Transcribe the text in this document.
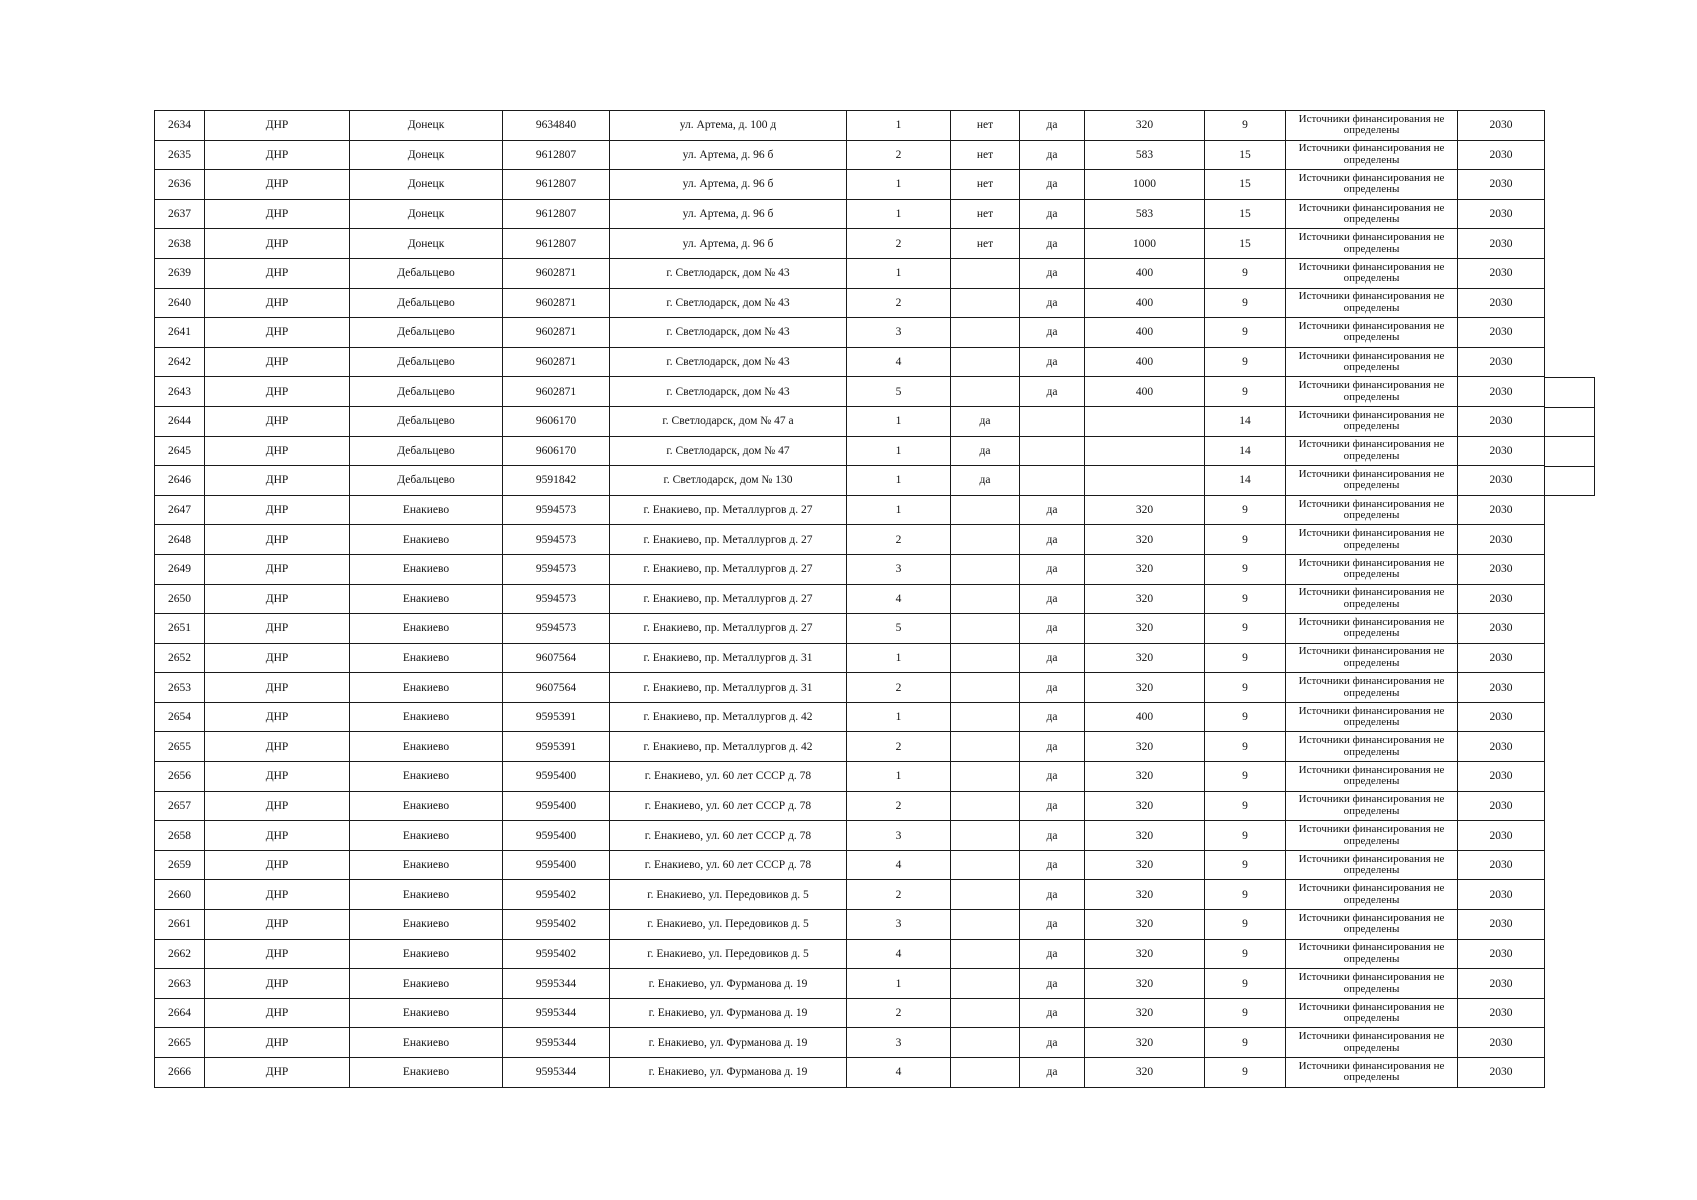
2634	ДНР	Донецк	9634840	ул. Артема, д. 100 д	1	нет	да	320	9	Источники финансирования не определены	2030
2635	ДНР	Донецк	9612807	ул. Артема, д. 96 б	2	нет	да	583	15	Источники финансирования не определены	2030
2636	ДНР	Донецк	9612807	ул. Артема, д. 96 б	1	нет	да	1000	15	Источники финансирования не определены	2030
2637	ДНР	Донецк	9612807	ул. Артема, д. 96 б	1	нет	да	583	15	Источники финансирования не определены	2030
2638	ДНР	Донецк	9612807	ул. Артема, д. 96 б	2	нет	да	1000	15	Источники финансирования не определены	2030
2639	ДНР	Дебальцево	9602871	г. Светлодарск, дом № 43	1		да	400	9	Источники финансирования не определены	2030
2640	ДНР	Дебальцево	9602871	г. Светлодарск, дом № 43	2		да	400	9	Источники финансирования не определены	2030
2641	ДНР	Дебальцево	9602871	г. Светлодарск, дом № 43	3		да	400	9	Источники финансирования не определены	2030
2642	ДНР	Дебальцево	9602871	г. Светлодарск, дом № 43	4		да	400	9	Источники финансирования не определены	2030
2643	ДНР	Дебальцево	9602871	г. Светлодарск, дом № 43	5		да	400	9	Источники финансирования не определены	2030
2644	ДНР	Дебальцево	9606170	г. Светлодарск, дом № 47 а	1	да			14	Источники финансирования не определены	2030
2645	ДНР	Дебальцево	9606170	г. Светлодарск, дом № 47	1	да			14	Источники финансирования не определены	2030
2646	ДНР	Дебальцево	9591842	г. Светлодарск, дом № 130	1	да			14	Источники финансирования не определены	2030
2647	ДНР	Енакиево	9594573	г. Енакиево, пр. Металлургов д. 27	1		да	320	9	Источники финансирования не определены	2030
2648	ДНР	Енакиево	9594573	г. Енакиево, пр. Металлургов д. 27	2		да	320	9	Источники финансирования не определены	2030
2649	ДНР	Енакиево	9594573	г. Енакиево, пр. Металлургов д. 27	3		да	320	9	Источники финансирования не определены	2030
2650	ДНР	Енакиево	9594573	г. Енакиево, пр. Металлургов д. 27	4		да	320	9	Источники финансирования не определены	2030
2651	ДНР	Енакиево	9594573	г. Енакиево, пр. Металлургов д. 27	5		да	320	9	Источники финансирования не определены	2030
2652	ДНР	Енакиево	9607564	г. Енакиево, пр. Металлургов д. 31	1		да	320	9	Источники финансирования не определены	2030
2653	ДНР	Енакиево	9607564	г. Енакиево, пр. Металлургов д. 31	2		да	320	9	Источники финансирования не определены	2030
2654	ДНР	Енакиево	9595391	г. Енакиево, пр. Металлургов д. 42	1		да	400	9	Источники финансирования не определены	2030
2655	ДНР	Енакиево	9595391	г. Енакиево, пр. Металлургов д. 42	2		да	320	9	Источники финансирования не определены	2030
2656	ДНР	Енакиево	9595400	г. Енакиево, ул. 60 лет СССР д. 78	1		да	320	9	Источники финансирования не определены	2030
2657	ДНР	Енакиево	9595400	г. Енакиево, ул. 60 лет СССР д. 78	2		да	320	9	Источники финансирования не определены	2030
2658	ДНР	Енакиево	9595400	г. Енакиево, ул. 60 лет СССР д. 78	3		да	320	9	Источники финансирования не определены	2030
2659	ДНР	Енакиево	9595400	г. Енакиево, ул. 60 лет СССР д. 78	4		да	320	9	Источники финансирования не определены	2030
2660	ДНР	Енакиево	9595402	г. Енакиево, ул. Передовиков д. 5	2		да	320	9	Источники финансирования не определены	2030
2661	ДНР	Енакиево	9595402	г. Енакиево, ул. Передовиков д. 5	3		да	320	9	Источники финансирования не определены	2030
2662	ДНР	Енакиево	9595402	г. Енакиево, ул. Передовиков д. 5	4		да	320	9	Источники финансирования не определены	2030
2663	ДНР	Енакиево	9595344	г. Енакиево, ул. Фурманова д. 19	1		да	320	9	Источники финансирования не определены	2030
2664	ДНР	Енакиево	9595344	г. Енакиево, ул. Фурманова д. 19	2		да	320	9	Источники финансирования не определены	2030
2665	ДНР	Енакиево	9595344	г. Енакиево, ул. Фурманова д. 19	3		да	320	9	Источники финансирования не определены	2030
2666	ДНР	Енакиево	9595344	г. Енакиево, ул. Фурманова д. 19	4		да	320	9	Источники финансирования не определены	2030
